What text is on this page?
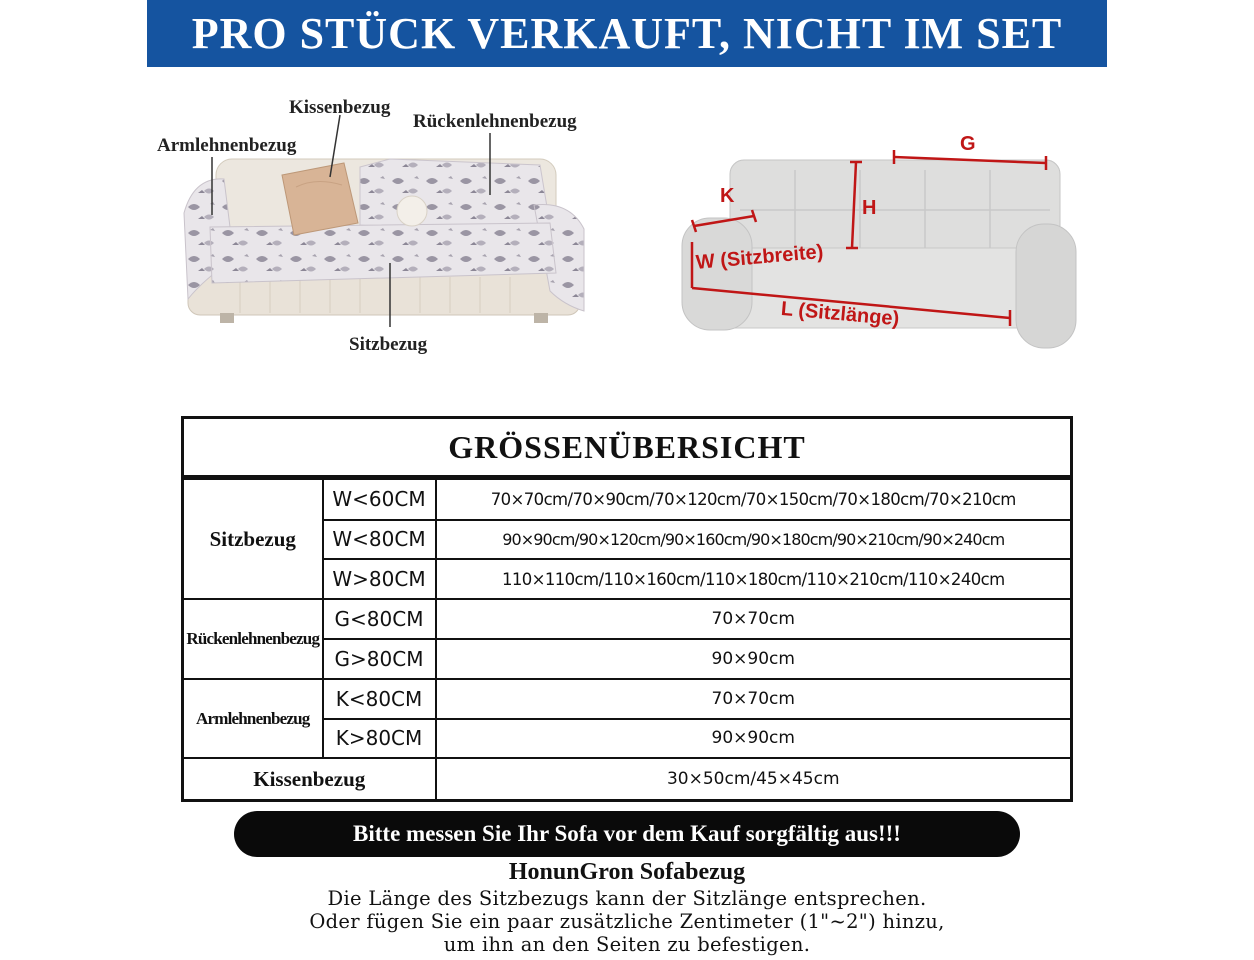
PRO STÜCK VERKAUFT, NICHT IM SET
Kissenbezug
Rückenlehnenbezug
Armlehnenbezug
Sitzbezug
G
K
H
W (Sitzbreite)
L (Sitzlänge)
GRÖSSENÜBERSICHT		
Sitzbezug	W<60CM	70×70cm/70×90cm/70×120cm/70×150cm/70×180cm/70×210cm
	W<80CM	90×90cm/90×120cm/90×160cm/90×180cm/90×210cm/90×240cm
	W>80CM	110×110cm/110×160cm/110×180cm/110×210cm/110×240cm
Rückenlehnenbezug	G<80CM	70×70cm
	G>80CM	90×90cm
Armlehnenbezug	K<80CM	70×70cm
	K>80CM	90×90cm
Kissenbezug		30×50cm/45×45cm
Bitte messen Sie Ihr Sofa vor dem Kauf sorgfältig aus!!!
HonunGron Sofabezug
Die Länge des Sitzbezugs kann der Sitzlänge entsprechen.
Oder fügen Sie ein paar zusätzliche Zentimeter (1"~2") hinzu,
um ihn an den Seiten zu befestigen.
